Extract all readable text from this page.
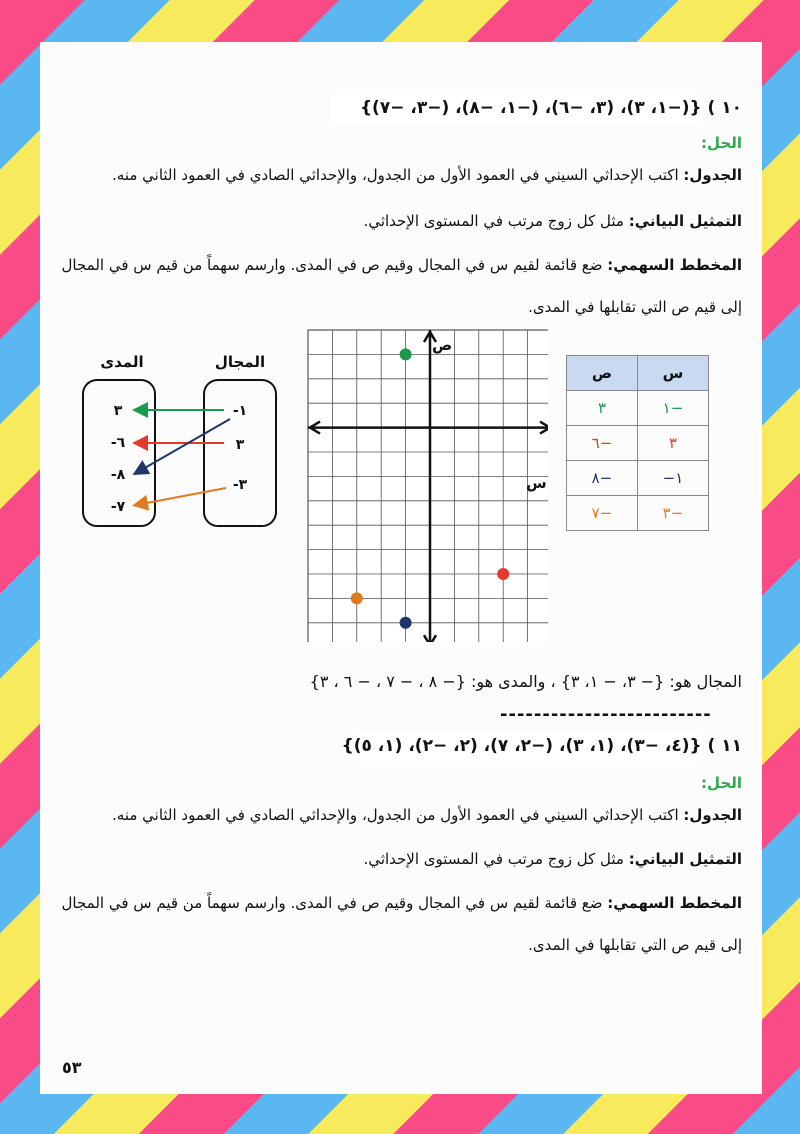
١٠ ) {(−١، ٣)، (٣، −٦)، (−١، −٨)، (−٣، −٧)}
الحل:
الجدول: اكتب الإحداثي السيني في العمود الأول من الجدول، والإحداثي الصادي في العمود الثاني منه.
التمثيل البياني: مثل كل زوج مرتب في المستوى الإحداثي.
المخطط السهمي: ضع قائمة لقيم س في المجال وقيم ص في المدى. وارسم سهماً من قيم س في المجال
إلى قيم ص التي تقابلها في المدى.
س	ص
−١	٣
٣	−٦
١−	−٨
−٣	−٧
س
ص
المجال
المدى
-١
٣
-٣
٣
-٦
-٨
-٧
المجال هو: {− ٣، − ١، ٣} ، والمدى هو: {− ٨ ، − ٧ ، − ٦ ، ٣}
-------------------------
١١ ) {(٤، −٣)، (١، ٣)، (−٢، ٧)، (٢، −٢)، (١، ٥)}
الحل:
الجدول: اكتب الإحداثي السيني في العمود الأول من الجدول، والإحداثي الصادي في العمود الثاني منه.
التمثيل البياني: مثل كل زوج مرتب في المستوى الإحداثي.
المخطط السهمي: ضع قائمة لقيم س في المجال وقيم ص في المدى. وارسم سهماً من قيم س في المجال
إلى قيم ص التي تقابلها في المدى.
٥٣
